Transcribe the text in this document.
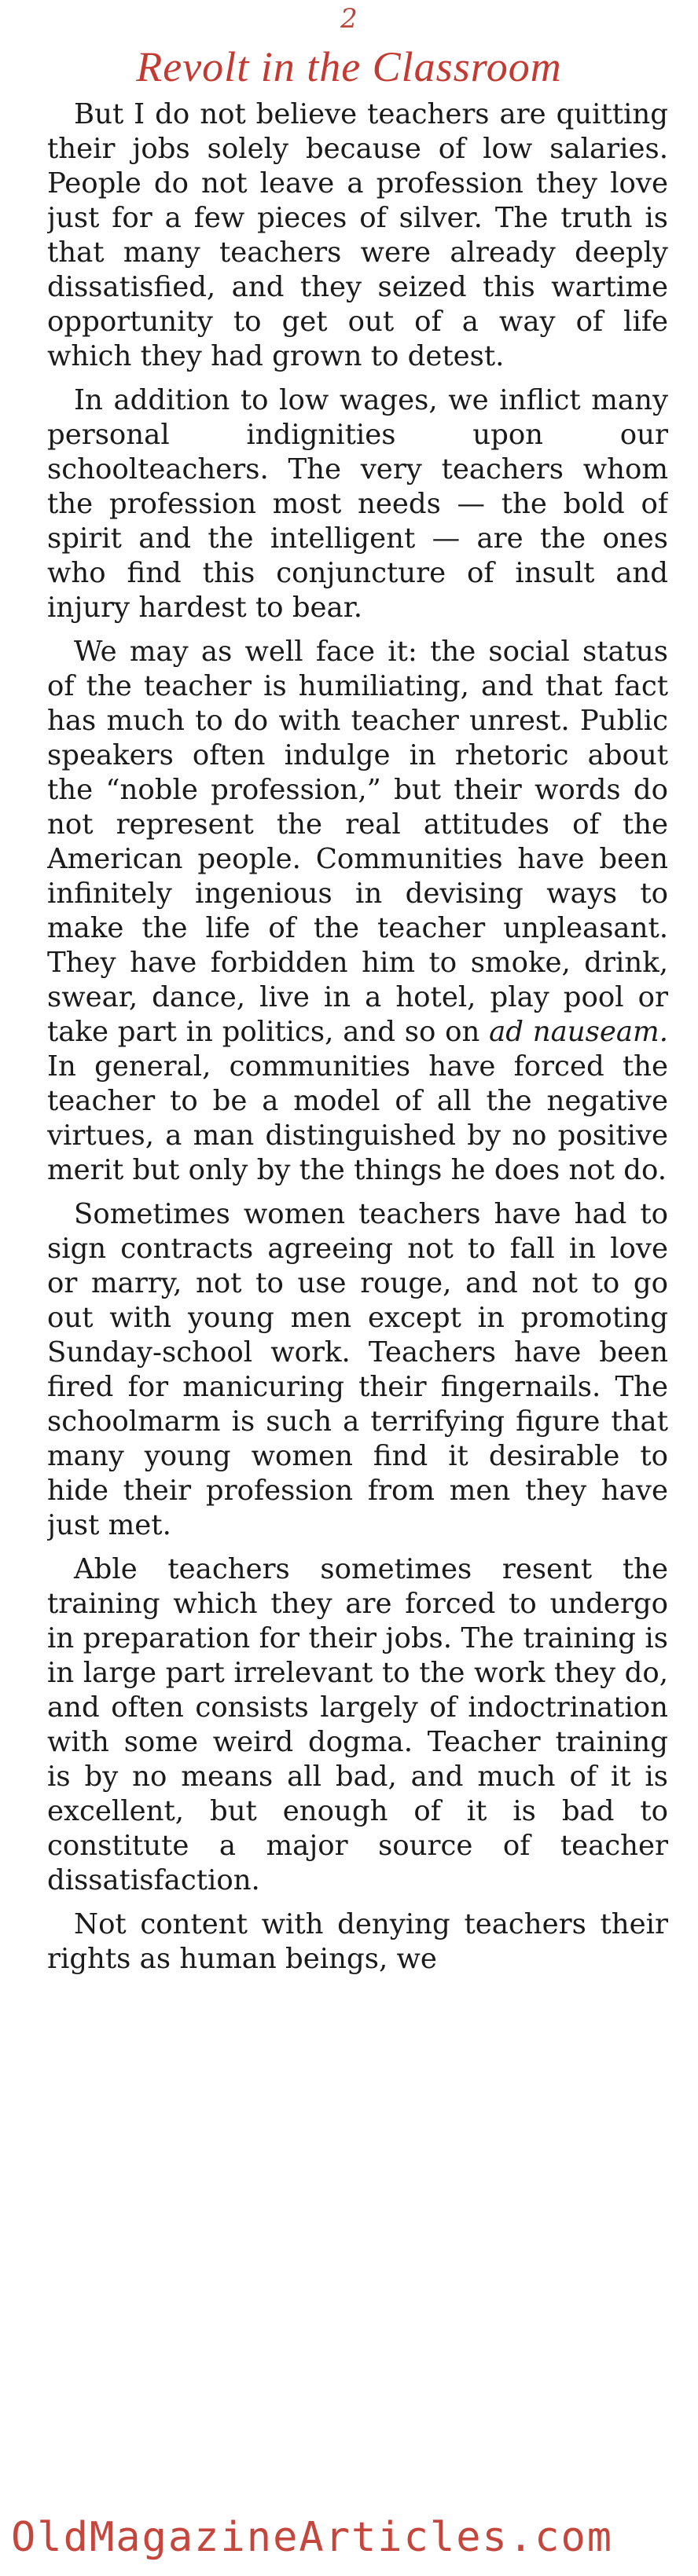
2
Revolt in the Classroom

But I do not believe teachers are quitting their jobs solely because of low salaries. People do not leave a profession they love just for a few pieces of silver. The truth is that many teachers were already deeply dissatisfied, and they seized this wartime opportunity to get out of a way of life which they had grown to detest.

In addition to low wages, we inflict many personal indignities upon our schoolteachers. The very teachers whom the profession most needs — the bold of spirit and the intelligent — are the ones who find this conjuncture of insult and injury hardest to bear.

We may as well face it: the social status of the teacher is humiliating, and that fact has much to do with teacher unrest. Public speakers often indulge in rhetoric about the “noble profession,” but their words do not represent the real attitudes of the American people. Communities have been infinitely ingenious in devising ways to make the life of the teacher unpleasant. They have forbidden him to smoke, drink, swear, dance, live in a hotel, play pool or take part in politics, and so on ad nauseam. In general, communities have forced the teacher to be a model of all the negative virtues, a man distinguished by no positive merit but only by the things he does not do.

Sometimes women teachers have had to sign contracts agreeing not to fall in love or marry, not to use rouge, and not to go out with young men except in promoting Sunday-school work. Teachers have been fired for manicuring their fingernails. The schoolmarm is such a terrifying figure that many young women find it desirable to hide their profession from men they have just met.

Able teachers sometimes resent the training which they are forced to undergo in preparation for their jobs. The training is in large part irrelevant to the work they do, and often consists largely of indoctrination with some weird dogma. Teacher training is by no means all bad, and much of it is excellent, but enough of it is bad to constitute a major source of teacher dissatisfaction.

Not content with denying teachers their rights as human beings, we

OldMagazineArticles.com
